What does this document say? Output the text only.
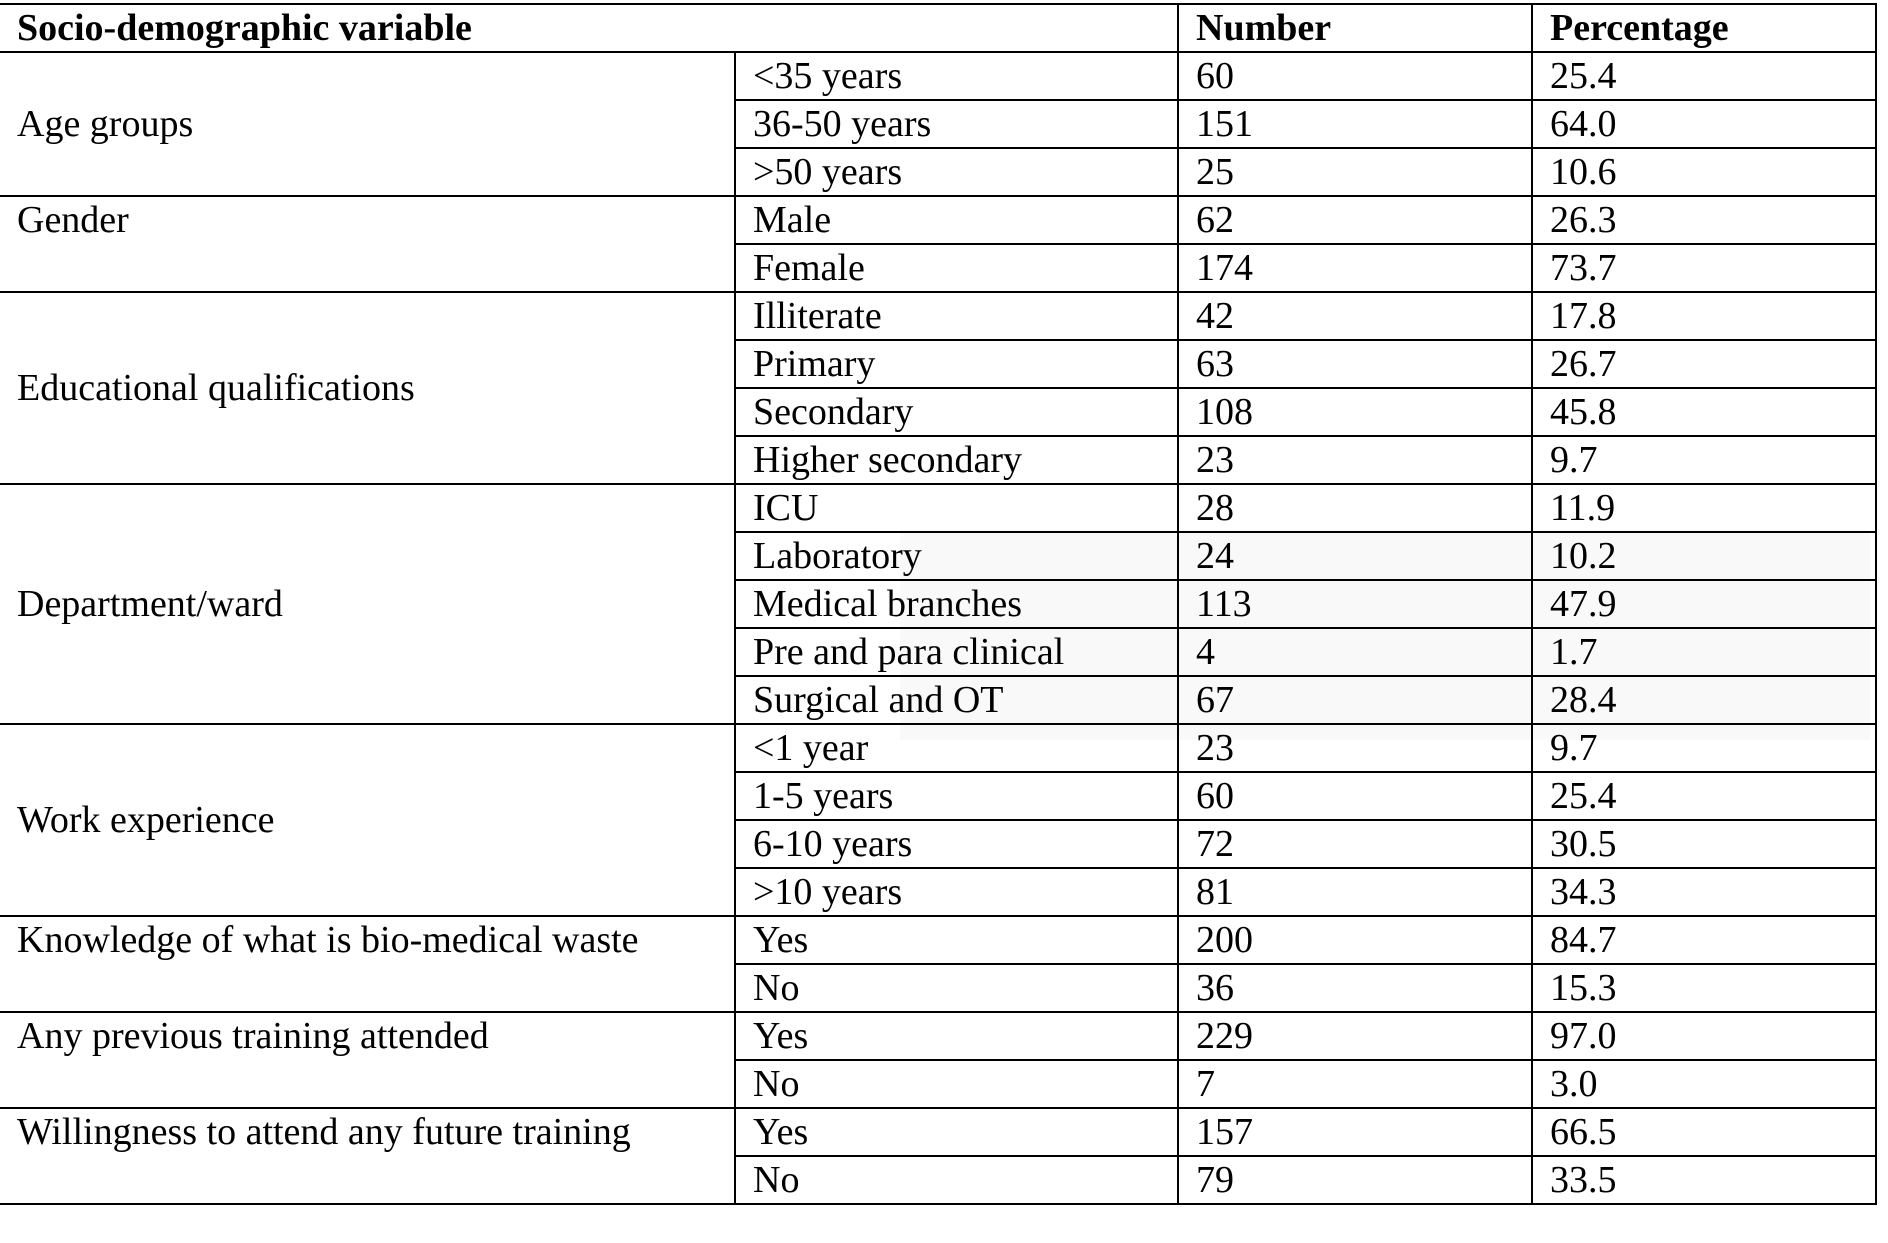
Socio-demographic variable		Number	Percentage
Age groups	<35 years	60	25.4
	36-50 years	151	64.0
	>50 years	25	10.6
Gender	Male	62	26.3
	Female	174	73.7
Educational qualifications	Illiterate	42	17.8
	Primary	63	26.7
	Secondary	108	45.8
	Higher secondary	23	9.7
Department/ward	ICU	28	11.9
	Laboratory	24	10.2
	Medical branches	113	47.9
	Pre and para clinical	4	1.7
	Surgical and OT	67	28.4
Work experience	<1 year	23	9.7
	1-5 years	60	25.4
	6-10 years	72	30.5
	>10 years	81	34.3
Knowledge of what is bio-medical waste	Yes	200	84.7
	No	36	15.3
Any previous training attended	Yes	229	97.0
	No	7	3.0
Willingness to attend any future training	Yes	157	66.5
	No	79	33.5
